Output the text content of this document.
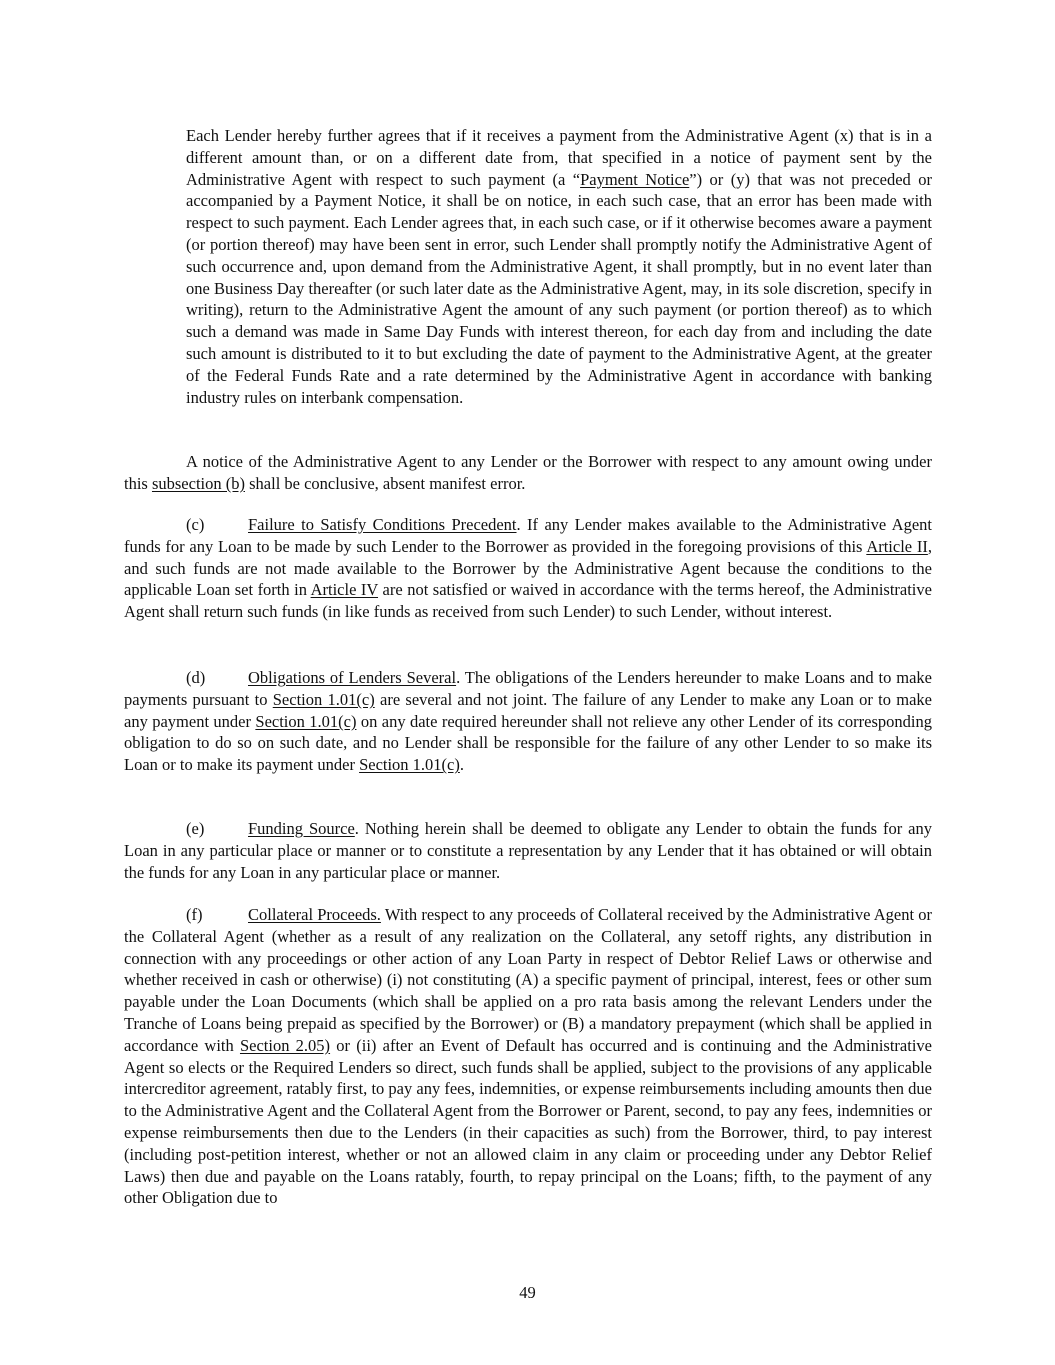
Each Lender hereby further agrees that if it receives a payment from the Administrative Agent (x) that is in a different amount than, or on a different date from, that specified in a notice of payment sent by the Administrative Agent with respect to such payment (a “Payment Notice”) or (y) that was not preceded or accompanied by a Payment Notice, it shall be on notice, in each such case, that an error has been made with respect to such payment. Each Lender agrees that, in each such case, or if it otherwise becomes aware a payment (or portion thereof) may have been sent in error, such Lender shall promptly notify the Administrative Agent of such occurrence and, upon demand from the Administrative Agent, it shall promptly, but in no event later than one Business Day thereafter (or such later date as the Administrative Agent, may, in its sole discretion, specify in writing), return to the Administrative Agent the amount of any such payment (or portion thereof) as to which such a demand was made in Same Day Funds with interest thereon, for each day from and including the date such amount is distributed to it to but excluding the date of payment to the Administrative Agent, at the greater of the Federal Funds Rate and a rate determined by the Administrative Agent in accordance with banking industry rules on interbank compensation.

A notice of the Administrative Agent to any Lender or the Borrower with respect to any amount owing under this subsection (b) shall be conclusive, absent manifest error.

(c)	Failure to Satisfy Conditions Precedent. If any Lender makes available to the Administrative Agent funds for any Loan to be made by such Lender to the Borrower as provided in the foregoing provisions of this Article II, and such funds are not made available to the Borrower by the Administrative Agent because the conditions to the applicable Loan set forth in Article IV are not satisfied or waived in accordance with the terms hereof, the Administrative Agent shall return such funds (in like funds as received from such Lender) to such Lender, without interest.

(d)	Obligations of Lenders Several. The obligations of the Lenders hereunder to make Loans and to make payments pursuant to Section 1.01(c) are several and not joint. The failure of any Lender to make any Loan or to make any payment under Section 1.01(c) on any date required hereunder shall not relieve any other Lender of its corresponding obligation to do so on such date, and no Lender shall be responsible for the failure of any other Lender to so make its Loan or to make its payment under Section 1.01(c).

(e)	Funding Source. Nothing herein shall be deemed to obligate any Lender to obtain the funds for any Loan in any particular place or manner or to constitute a representation by any Lender that it has obtained or will obtain the funds for any Loan in any particular place or manner.

(f)	Collateral Proceeds. With respect to any proceeds of Collateral received by the Administrative Agent or the Collateral Agent (whether as a result of any realization on the Collateral, any setoff rights, any distribution in connection with any proceedings or other action of any Loan Party in respect of Debtor Relief Laws or otherwise and whether received in cash or otherwise) (i) not constituting (A) a specific payment of principal, interest, fees or other sum payable under the Loan Documents (which shall be applied on a pro rata basis among the relevant Lenders under the Tranche of Loans being prepaid as specified by the Borrower) or (B) a mandatory prepayment (which shall be applied in accordance with Section 2.05) or (ii) after an Event of Default has occurred and is continuing and the Administrative Agent so elects or the Required Lenders so direct, such funds shall be applied, subject to the provisions of any applicable intercreditor agreement, ratably first, to pay any fees, indemnities, or expense reimbursements including amounts then due to the Administrative Agent and the Collateral Agent from the Borrower or Parent, second, to pay any fees, indemnities or expense reimbursements then due to the Lenders (in their capacities as such) from the Borrower, third, to pay interest (including post-petition interest, whether or not an allowed claim in any claim or proceeding under any Debtor Relief Laws) then due and payable on the Loans ratably, fourth, to repay principal on the Loans; fifth, to the payment of any other Obligation due to

49
